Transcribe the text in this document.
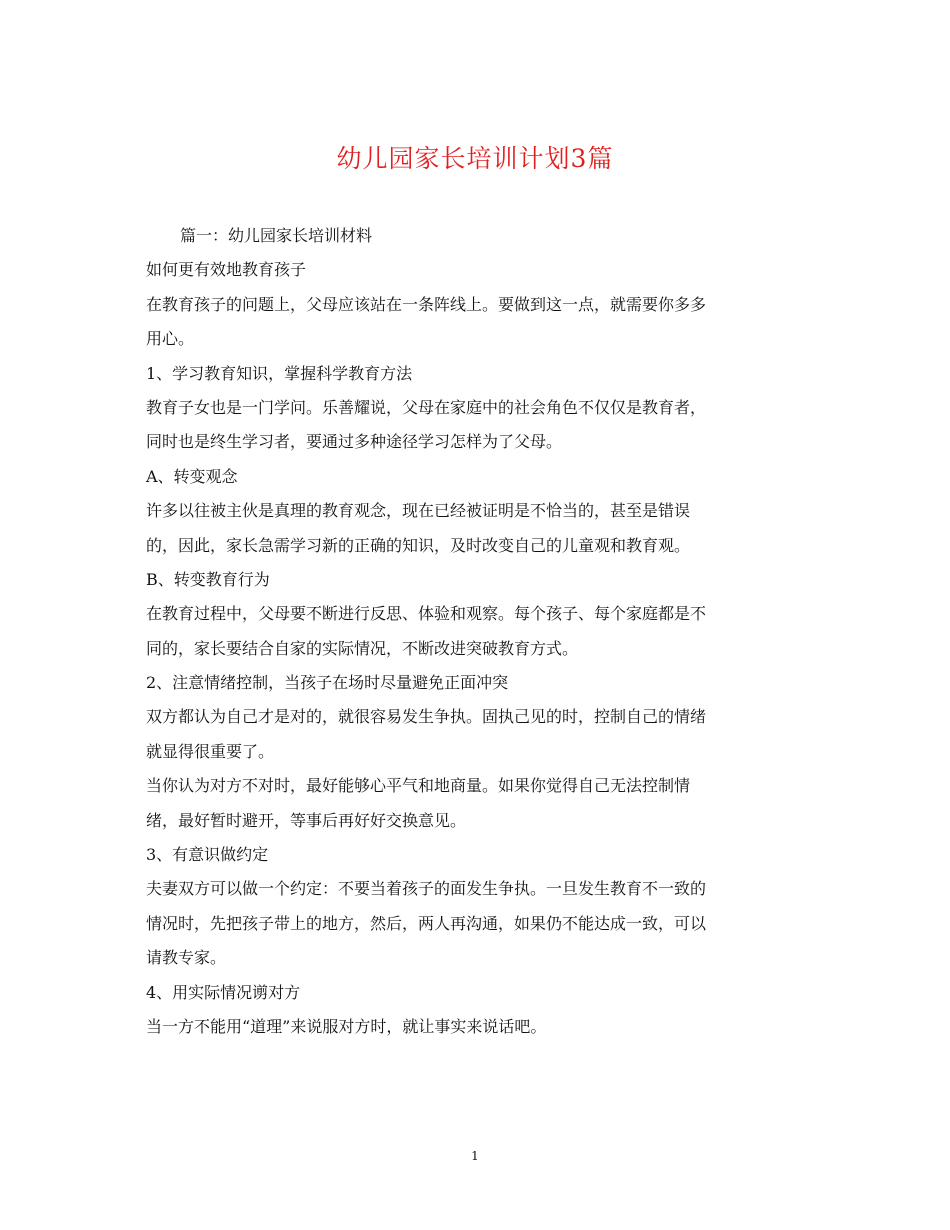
幼儿园家长培训计划3篇
篇一：幼儿园家长培训材料
如何更有效地教育孩子
在教育孩子的问题上，父母应该站在一条阵线上。要做到这一点，就需要你多多
用心。
1、学习教育知识，掌握科学教育方法
教育子女也是一门学问。乐善耀说，父母在家庭中的社会角色不仅仅是教育者，
同时也是终生学习者，要通过多种途径学习怎样为了父母。
A、转变观念
许多以往被主伙是真理的教育观念，现在已经被证明是不恰当的，甚至是错误
的，因此，家长急需学习新的正确的知识，及时改变自己的儿童观和教育观。
B、转变教育行为
在教育过程中，父母要不断进行反思、体验和观察。每个孩子、每个家庭都是不
同的，家长要结合自家的实际情况，不断改进突破教育方式。
2、注意情绪控制，当孩子在场时尽量避免正面冲突
双方都认为自己才是对的，就很容易发生争执。固执己见的时，控制自己的情绪
就显得很重要了。
当你认为对方不对时，最好能够心平气和地商量。如果你觉得自己无法控制情
绪，最好暂时避开，等事后再好好交换意见。
3、有意识做约定
夫妻双方可以做一个约定：不要当着孩子的面发生争执。一旦发生教育不一致的
情况时，先把孩子带上的地方，然后，两人再沟通，如果仍不能达成一致，可以
请教专家。
4、用实际情况谫对方
当一方不能用“道理”来说服对方时，就让事实来说话吧。
1
